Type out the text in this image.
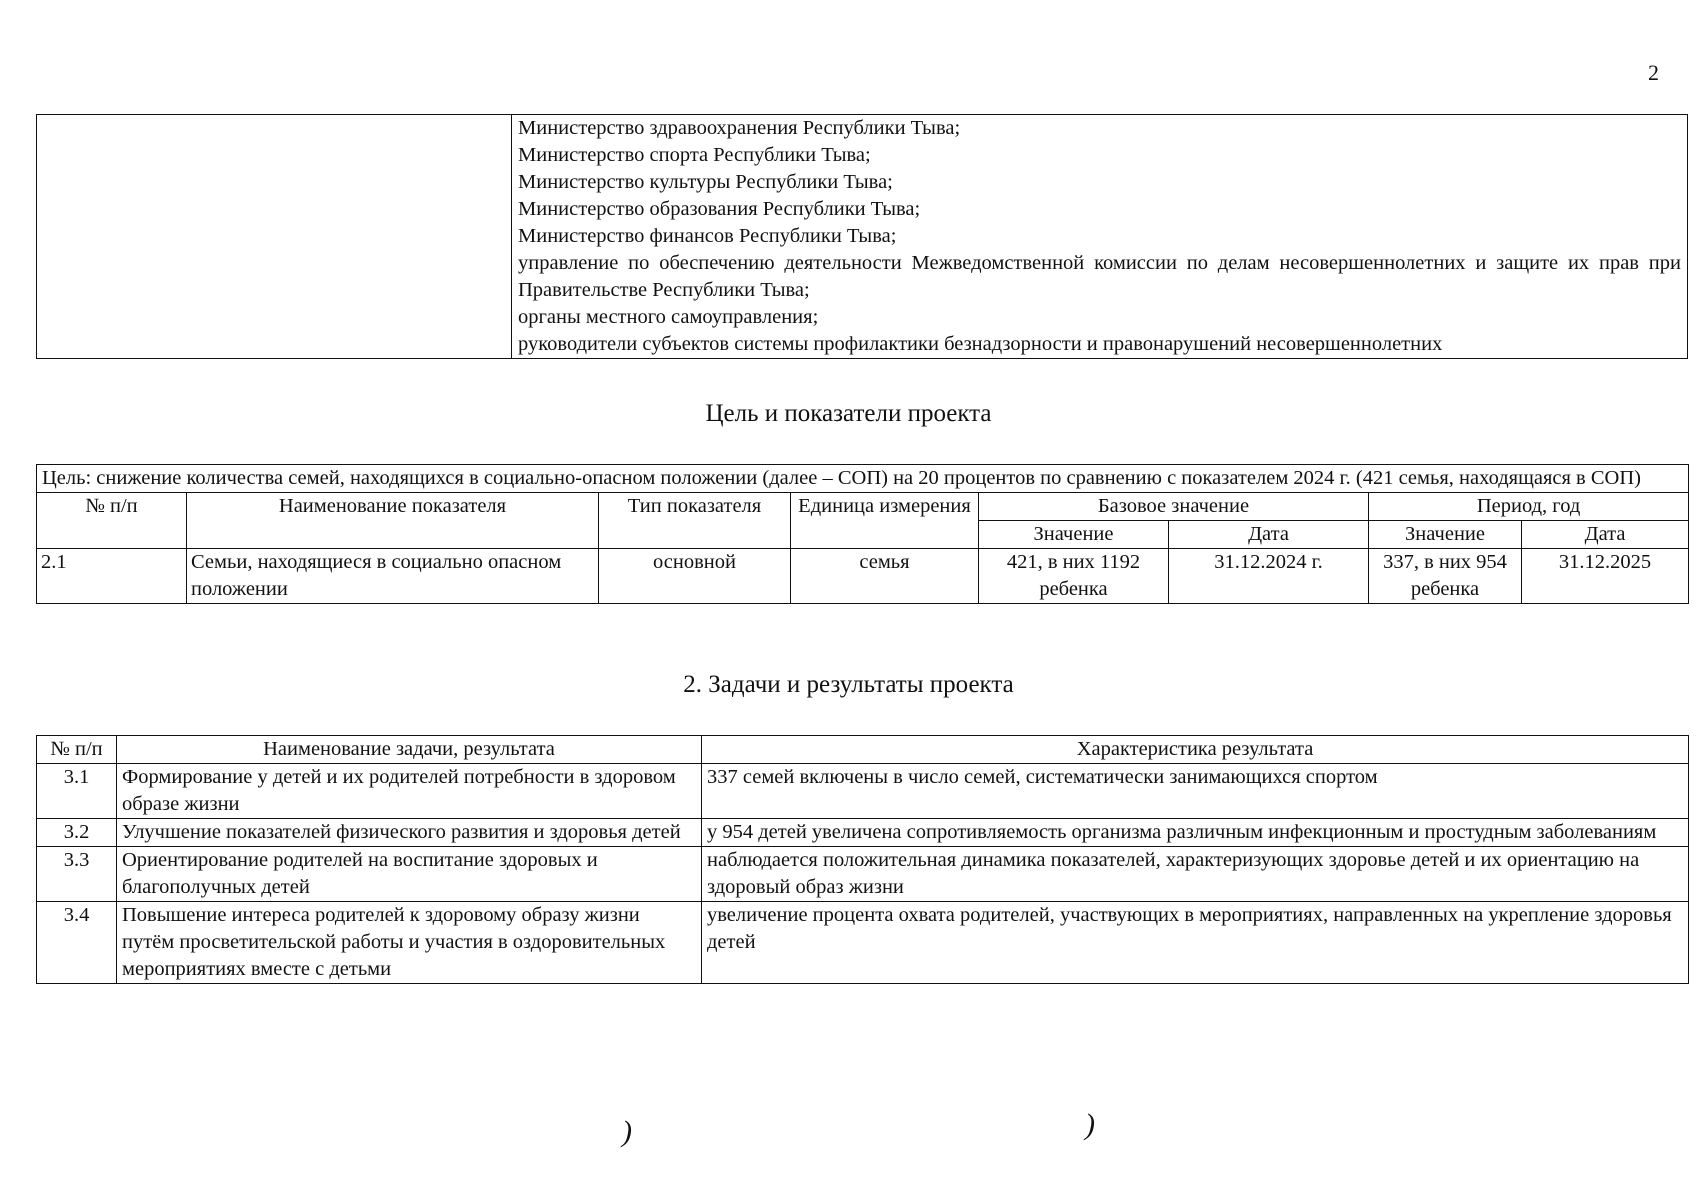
2

Министерство здравоохранения Республики Тыва;
Министерство спорта Республики Тыва;
Министерство культуры Республики Тыва;
Министерство образования Республики Тыва;
Министерство финансов Республики Тыва;
управление по обеспечению деятельности Межведомственной комиссии по делам несовершеннолетних и защите их прав при Правительстве Республики Тыва;
органы местного самоуправления;
руководители субъектов системы профилактики безнадзорности и правонарушений несовершеннолетних
Цель и показатели проекта
Цель: снижение количества семей, находящихся в социально-опасном положении (далее – СОП) на 20 процентов по сравнению с показателем 2024 г. (421 семья, находящаяся в СОП)							
№ п/п	Наименование показателя	Тип показателя	Единица измерения	Базовое значение		Период, год	
				Значение	Дата	Значение	Дата
2.1	Семьи, находящиеся в социально опасном положении	основной	семья	421, в них 1192 ребенка	31.12.2024 г.	337, в них 954 ребенка	31.12.2025
2. Задачи и результаты проекта
№ п/п	Наименование задачи, результата	Характеристика результата
3.1	Формирование у детей и их родителей потребности в здоровом образе жизни	337 семей включены в число семей, систематически занимающихся спортом
3.2	Улучшение показателей физического развития и здоровья детей	у 954 детей увеличена сопротивляемость организма различным инфекционным и простудным заболеваниям
3.3	Ориентирование родителей на воспитание здоровых и благополучных детей	наблюдается положительная динамика показателей, характеризующих здоровье детей и их ориентацию на здоровый образ жизни
3.4	Повышение интереса родителей к здоровому образу жизни путём просветительской работы и участия в оздоровительных мероприятиях вместе с детьми	увеличение процента охвата родителей, участвующих в мероприятиях, направленных на укрепление здоровья детей
)	)
